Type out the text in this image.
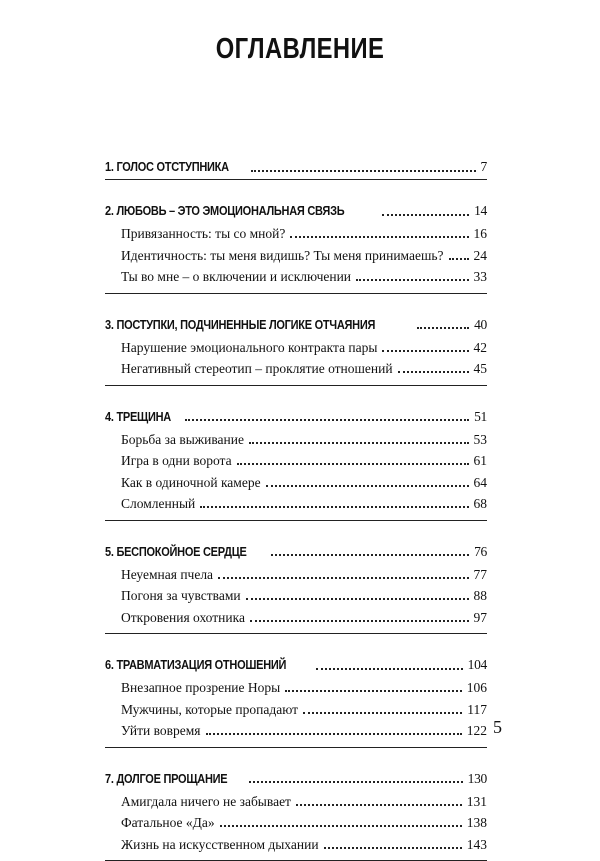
ОГЛАВЛЕНИЕ
1. ГОЛОС ОТСТУПНИКА	7
2. ЛЮБОВЬ – ЭТО ЭМОЦИОНАЛЬНАЯ СВЯЗЬ	14
Привязанность: ты со мной?	16
Идентичность: ты меня видишь? Ты меня принимаешь? 24
Ты во мне – о включении и исключении	33
3. ПОСТУПКИ, ПОДЧИНЕННЫЕ ЛОГИКЕ ОТЧАЯНИЯ	40
Нарушение эмоционального контракта пары	42
Негативный стереотип – проклятие отношений	45
4. ТРЕЩИНА	51
Борьба за выживание	53
Игра в одни ворота	61
Как в одиночной камере	64
Сломленный	68
5. БЕСПОКОЙНОЕ СЕРДЦЕ	76
Неуемная пчела	77
Погоня за чувствами	88
Откровения охотника	97
6. ТРАВМАТИЗАЦИЯ ОТНОШЕНИЙ	104
Внезапное прозрение Норы	106
Мужчины, которые пропадают	117
Уйти вовремя	122
7. ДОЛГОЕ ПРОЩАНИЕ	130
Амигдала ничего не забывает	131
Фатальное «Да»	138
Жизнь на искусственном дыхании	143
5
